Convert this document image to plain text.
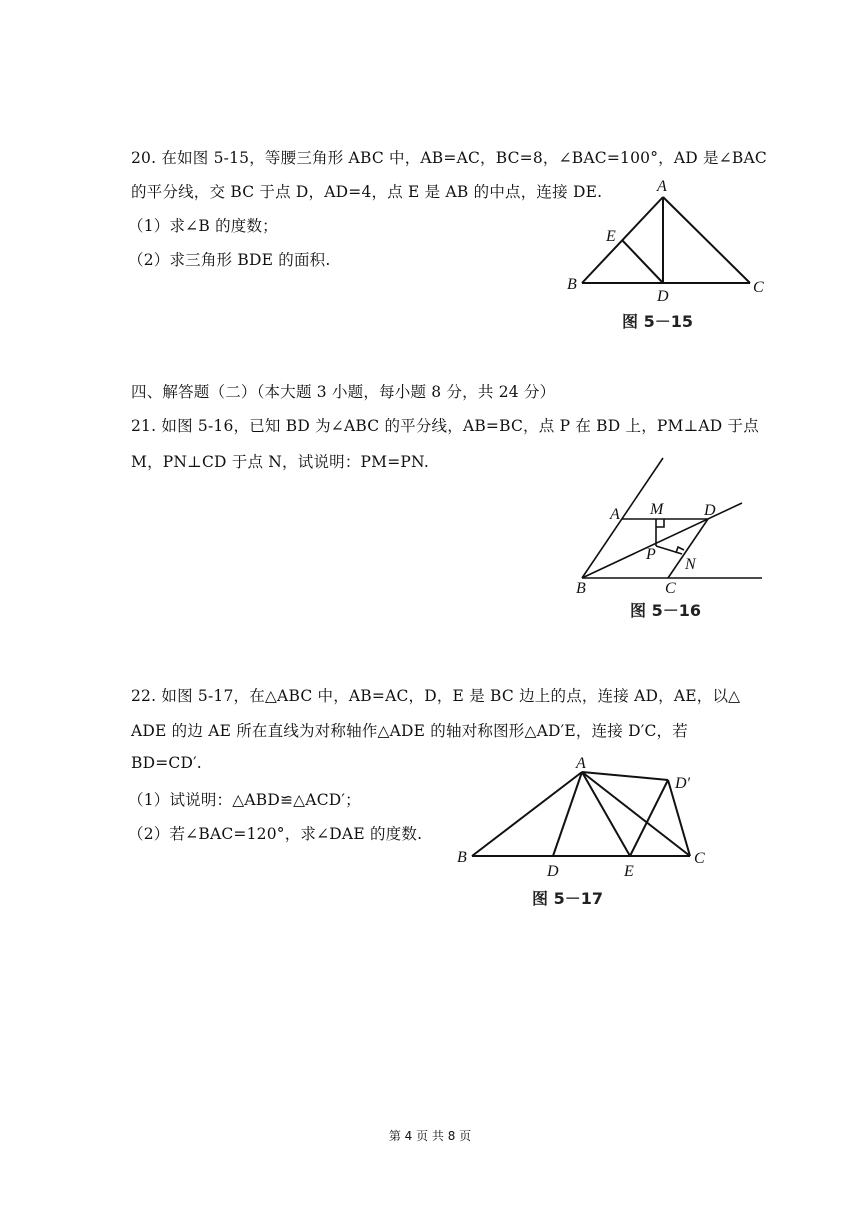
20. 在如图 5-15，等腰三角形 ABC 中，AB=AC，BC=8，∠BAC=100°，AD 是∠BAC
的平分线，交 BC 于点 D，AD=4，点 E 是 AB 的中点，连接 DE.
（1）求∠B 的度数；
（2）求三角形 BDE 的面积.
A
E
B
D
C
图 5－15
四、解答题（二）（本大题 3 小题，每小题 8 分，共 24 分）
21. 如图 5-16，已知 BD 为∠ABC 的平分线，AB=BC，点 P 在 BD 上，PM⊥AD 于点
M，PN⊥CD 于点 N，试说明：PM=PN.
A M	D
P
N
B	C
图 5－16
22. 如图 5-17，在△ABC 中，AB=AC，D，E 是 BC 边上的点，连接 AD，AE，以△
ADE 的边 AE 所在直线为对称轴作△ADE 的轴对称图形△AD′E，连接 D′C，若
BD=CD′.
（1）试说明：△ABD≌△ACD′；
（2）若∠BAC=120°，求∠DAE 的度数.
A
D′
B
D	E
C
图 5－17
第 4 页 共 8 页
